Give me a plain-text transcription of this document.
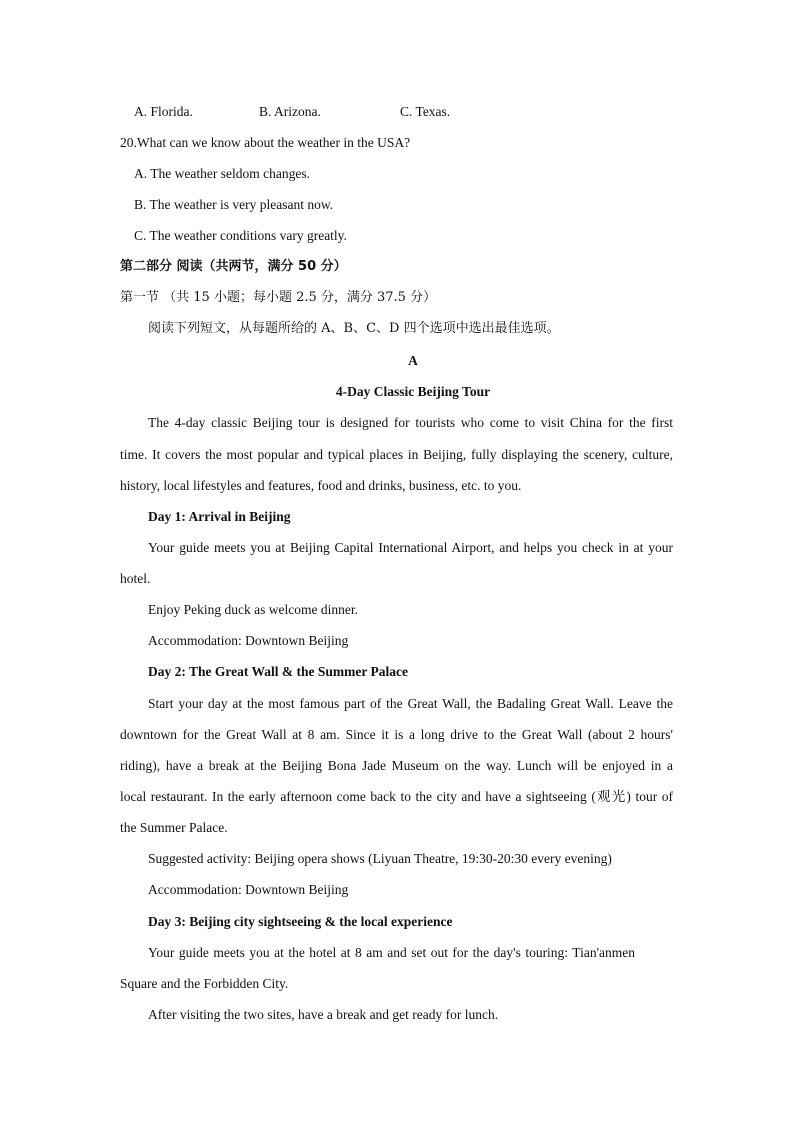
A. Florida.	B. Arizona.	C. Texas.
20.What can we know about the weather in the USA?
A. The weather seldom changes.
B. The weather is very pleasant now.
C. The weather conditions vary greatly.
第二部分 阅读（共两节，满分 50 分）
第一节 （共 15 小题；每小题 2.5 分，满分 37.5 分）
阅读下列短文，从每题所给的 A、B、C、D 四个选项中选出最佳选项。
A
4-Day Classic Beijing Tour
The 4-day classic Beijing tour is designed for tourists who come to visit China for the first
time. It covers the most popular and typical places in Beijing, fully displaying the scenery, culture,
history, local lifestyles and features, food and drinks, business, etc. to you.
Day 1: Arrival in Beijing
Your guide meets you at Beijing Capital International Airport, and helps you check in at your
hotel.
Enjoy Peking duck as welcome dinner.
Accommodation: Downtown Beijing
Day 2: The Great Wall & the Summer Palace
Start your day at the most famous part of the Great Wall, the Badaling Great Wall. Leave the
downtown for the Great Wall at 8 am. Since it is a long drive to the Great Wall (about 2 hours'
riding), have a break at the Beijing Bona Jade Museum on the way. Lunch will be enjoyed in a
local restaurant. In the early afternoon come back to the city and have a sightseeing (观光) tour of
the Summer Palace.
Suggested activity: Beijing opera shows (Liyuan Theatre, 19:30-20:30 every evening)
Accommodation: Downtown Beijing
Day 3: Beijing city sightseeing & the local experience
Your guide meets you at the hotel at 8 am and set out for the day's touring: Tian'anmen
Square and the Forbidden City.
After visiting the two sites, have a break and get ready for lunch.
